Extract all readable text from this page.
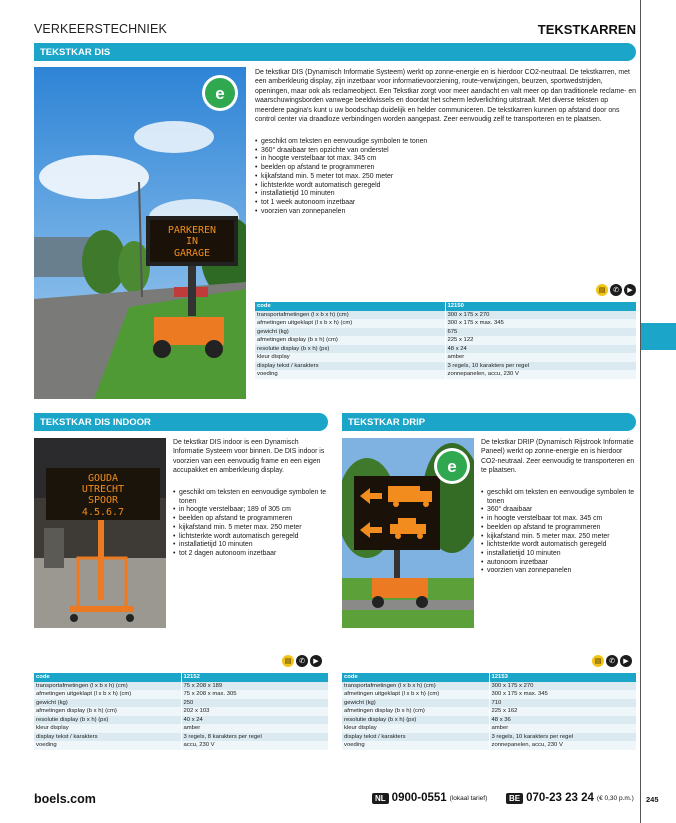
VERKEERSTECHNIEK	TEKSTKARREN
TEKSTKAR DIS
PARKEREN
IN
GARAGE
e
De tekstkar DIS (Dynamisch Informatie Systeem) werkt op zonne-energie en is hierdoor CO2-neutraal. De tekstkarren, met een amberkleurig display, zijn inzetbaar voor informatievoorziening, route-verwijzingen, beurzen, sportwedstrijden, openingen, maar ook als reclameobject. Een Tekstkar zorgt voor meer aandacht en valt meer op dan traditionele reclame- en waarschuwingsborden vanwege beeldwissels en doordat het scherm ledverlichting uitstraalt. Met diverse teksten op meerdere pagina's kunt u uw boodschap duidelijk en helder communiceren. De tekstkarren kunnen op afstand door ons control center via draadloze verbindingen worden aangepast. Zeer eenvoudig zelf te transporteren en te plaatsen.
• geschikt om teksten en eenvoudige symbolen te tonen
• 360° draaibaar ten opzichte van onderstel
• in hoogte verstelbaar tot max. 345 cm
• beelden op afstand te programmeren
• kijkafstand min. 5 meter tot max. 250 meter
• lichtsterkte wordt automatisch geregeld
• installatietijd 10 minuten
• tot 1 week autonoom inzetbaar
• voorzien van zonnepanelen
▤	✆	▶
code	12150
transportafmetingen (l x b x h) (cm)	300 x 175 x 270
afmetingen uitgeklapt (l x b x h) (cm)	300 x 175 x max. 345
gewicht (kg)	675
afmetingen display (b x h) (cm)	225 x 122
resolutie display (b x h) (px)	48 x 24
kleur display	amber
display tekst / karakters	3 regels, 10 karakters per regel
voeding	zonnepanelen, accu, 230 V
TEKSTKAR DIS INDOOR
GOUDA
UTRECHT
SPOOR
4.5.6.7
De tekstkar DIS indoor is een Dynamisch Informatie Systeem voor binnen. De DIS indoor is voorzien van een eenvoudig frame en een eigen accupakket en amberkleurig display.
• geschikt om teksten en eenvoudige symbolen te tonen
• in hoogte verstelbaar; 189 of 305 cm
• beelden op afstand te programmeren
• kijkafstand min. 5 meter max. 250 meter
• lichtsterkte wordt automatisch geregeld
• installatietijd 10 minuten
• tot 2 dagen autonoom inzetbaar
▤	✆	▶
code	12152
transportafmetingen (l x b x h) (cm)	75 x 208 x 189
afmetingen uitgeklapt (l x b x h) (cm)	75 x 208 x max. 305
gewicht (kg)	250
afmetingen display (b x h) (cm)	202 x 103
resolutie display (b x h) (px)	40 x 24
kleur display	amber
display tekst / karakters	3 regels, 8 karakters per regel
voeding	accu, 230 V
TEKSTKAR DRIP
e
De tekstkar DRIP (Dynamisch Rijstrook Informatie Paneel) werkt op zonne-energie en is hierdoor CO2-neutraal. Zeer eenvoudig te transporteren en te plaatsen.
• geschikt om teksten en eenvoudige symbolen te tonen
• 360° draaibaar
• in hoogte verstelbaar tot max. 345 cm
• beelden op afstand te programmeren
• kijkafstand min. 5 meter max. 250 meter
• lichtsterkte wordt automatisch geregeld
• installatietijd 10 minuten
• autonoom inzetbaar
• voorzien van zonnepanelen
▤	✆	▶
code	12153
transportafmetingen (l x b x h) (cm)	300 x 175 x 270
afmetingen uitgeklapt (l x b x h) (cm)	300 x 175 x max. 345
gewicht (kg)	710
afmetingen display (b x h) (cm)	225 x 162
resolutie display (b x h) (px)	48 x 36
kleur display	amber
display tekst / karakters	3 regels, 10 karakters per regel
voeding	zonnepanelen, accu, 230 V
boels.com	NL 0900-0551 (lokaal tarief)	BE 070-23 23 24 (€ 0,30 p.m.) 245
